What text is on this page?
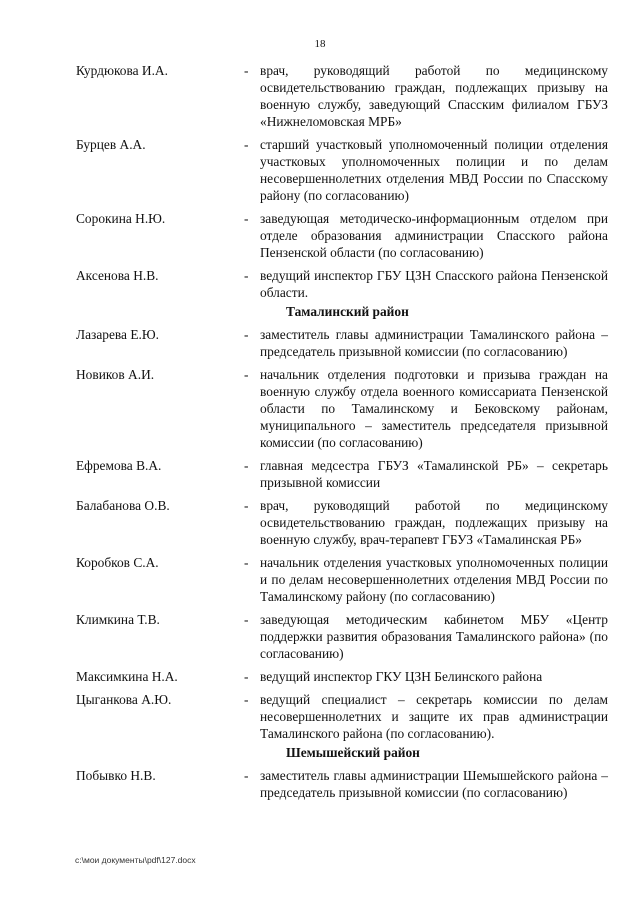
18
Курдюкова И.А.	- врач, руководящий работой по медицинскому освидетельствованию граждан, подлежащих призыву на военную службу, заведующий Спасским филиалом ГБУЗ «Нижнеломовская МРБ»
Бурцев А.А.	- старший участковый уполномоченный полиции отделения участковых уполномоченных полиции и по делам несовершеннолетних отделения МВД России по Спасскому району (по согласованию)
Сорокина Н.Ю.	- заведующая методическо-информационным отделом при отделе образования администрации Спасского района Пензенской области (по согласованию)
Аксенова Н.В.	- ведущий инспектор ГБУ ЦЗН Спасского района Пензенской области.
Тамалинский район
Лазарева Е.Ю.	- заместитель главы администрации Тамалинского района – председатель призывной комиссии (по согласованию)
Новиков А.И.	- начальник отделения подготовки и призыва граждан на военную службу отдела военного комиссариата Пензенской области по Тамалинскому и Бековскому районам, муниципального – заместитель председателя призывной комиссии (по согласованию)
Ефремова В.А.	- главная медсестра ГБУЗ «Тамалинской РБ» – секретарь призывной комиссии
Балабанова О.В.	- врач, руководящий работой по медицинскому освидетельствованию граждан, подлежащих призыву на военную службу, врач-терапевт ГБУЗ «Тамалинская РБ»
Коробков С.А.	- начальник отделения участковых уполномоченных полиции и по делам несовершеннолетних отделения МВД России по Тамалинскому району (по согласованию)
Климкина Т.В.	- заведующая методическим кабинетом МБУ «Центр поддержки развития образования Тамалинского района» (по согласованию)
Максимкина Н.А.	- ведущий инспектор ГКУ ЦЗН Белинского района
Цыганкова А.Ю.	- ведущий специалист – секретарь комиссии по делам несовершеннолетних и защите их прав администрации Тамалинского района (по согласованию).
Шемышейский район
Побывко Н.В.	- заместитель главы администрации Шемышейского района – председатель призывной комиссии (по согласованию)
c:\мои документы\pdf\127.docx
